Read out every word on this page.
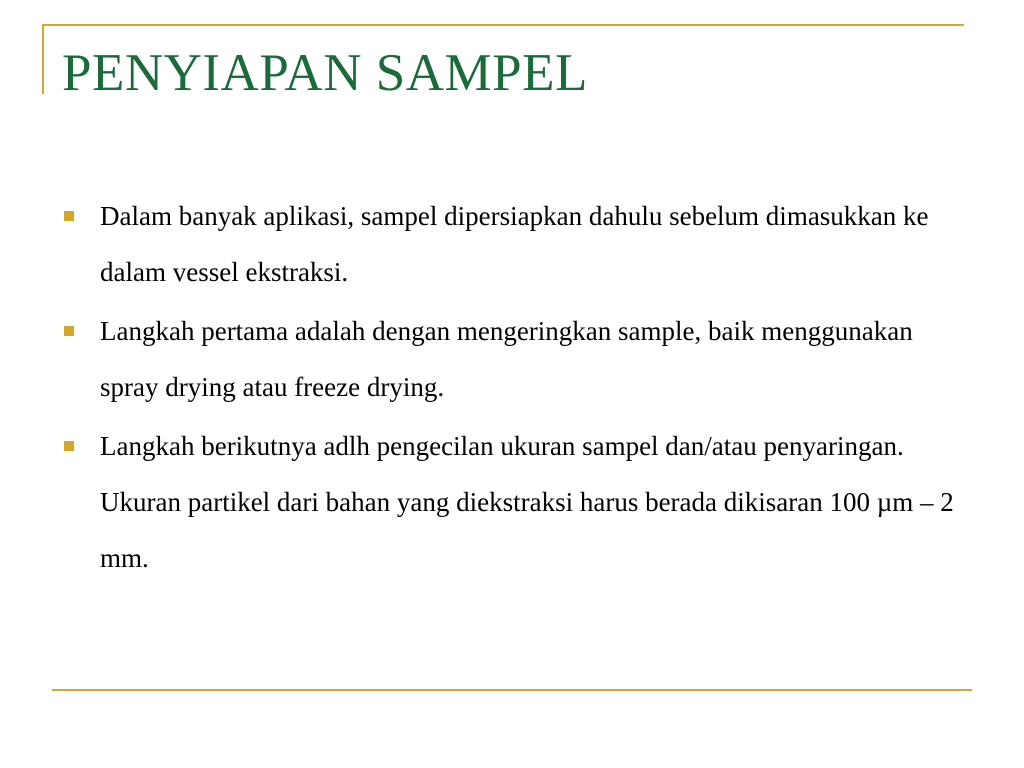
PENYIAPAN SAMPEL
Dalam banyak aplikasi, sampel dipersiapkan dahulu sebelum dimasukkan ke dalam vessel ekstraksi.
Langkah pertama adalah dengan mengeringkan sample, baik menggunakan spray drying atau freeze drying.
Langkah berikutnya adlh pengecilan ukuran sampel dan/atau penyaringan. Ukuran partikel dari bahan yang diekstraksi harus berada dikisaran 100 µm – 2 mm.
